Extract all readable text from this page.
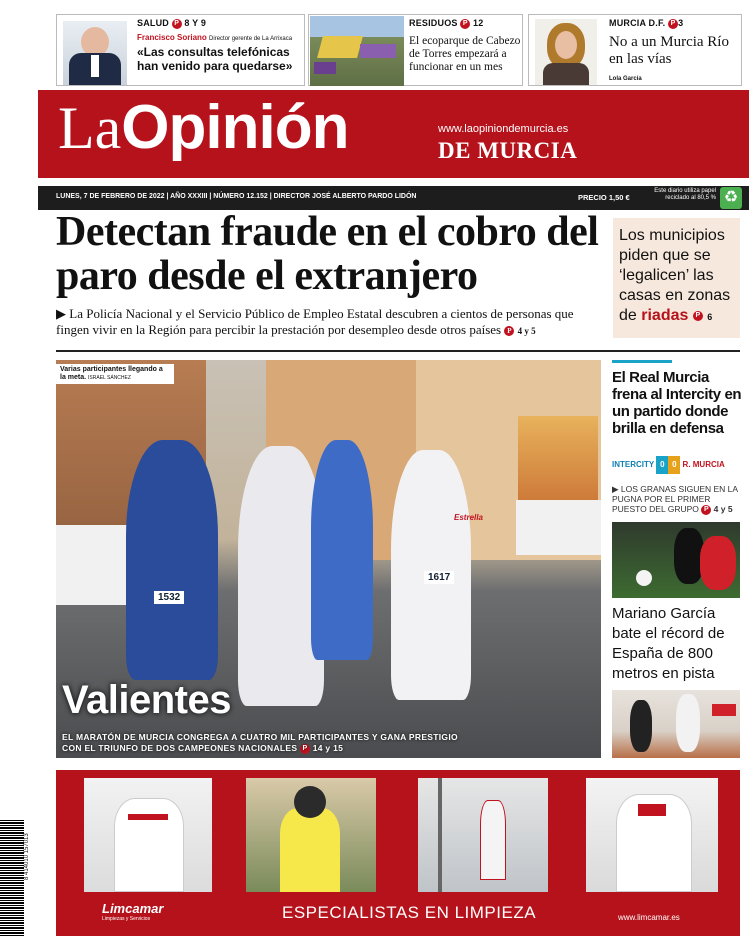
SALUD P 8 Y 9
Francisco Soriano Director gerente de La Arrixaca
«Las consultas telefónicas han venido para quedarse»
RESIDUOS P 12
El ecoparque de Cabezo de Torres empezará a funcionar en un mes
MURCIA D.F. P 3
No a un Murcia Río en las vías
Lola García
LaOpinión	www.laopiniondemurcia.es
DE MURCIA
LUNES, 7 DE FEBRERO DE 2022 | AÑO XXXIII | NÚMERO 12.152 | DIRECTOR JOSÉ ALBERTO PARDO LIDÓN	PRECIO 1,50 €
Este diario utiliza papel reciclado al 80,5 % ♻
Detectan fraude en el cobro del paro desde el extranjero
▶ La Policía Nacional y el Servicio Público de Empleo Estatal descubren a cientos de personas que fingen vivir en la Región para percibir la prestación por desempleo desde otros países P 4 y 5
Los municipios piden que se ‘legalicen’ las casas en zonas de riadas P 6
1532
1617
Estrella
Varias participantes llegando a la meta. ISRAEL SÁNCHEZ
Valientes
EL MARATÓN DE MURCIA CONGREGA A CUATRO MIL PARTICIPANTES Y GANA PRESTIGIO CON EL TRIUNFO DE DOS CAMPEONES NACIONALES P 14 y 15
El Real Murcia frena al Intercity en un partido donde brilla en defensa
INTERCITY 0 0 R. MURCIA
▶ LOS GRANAS SIGUEN EN LA PUGNA POR EL PRIMER PUESTO DEL GRUPO P 4 y 5
Mariano García bate el récord de España de 800 metros en pista
Limcamar
Limpiezas y Servicios	ESPECIALISTAS EN LIMPIEZA	www.limcamar.es
8 414010 157013
